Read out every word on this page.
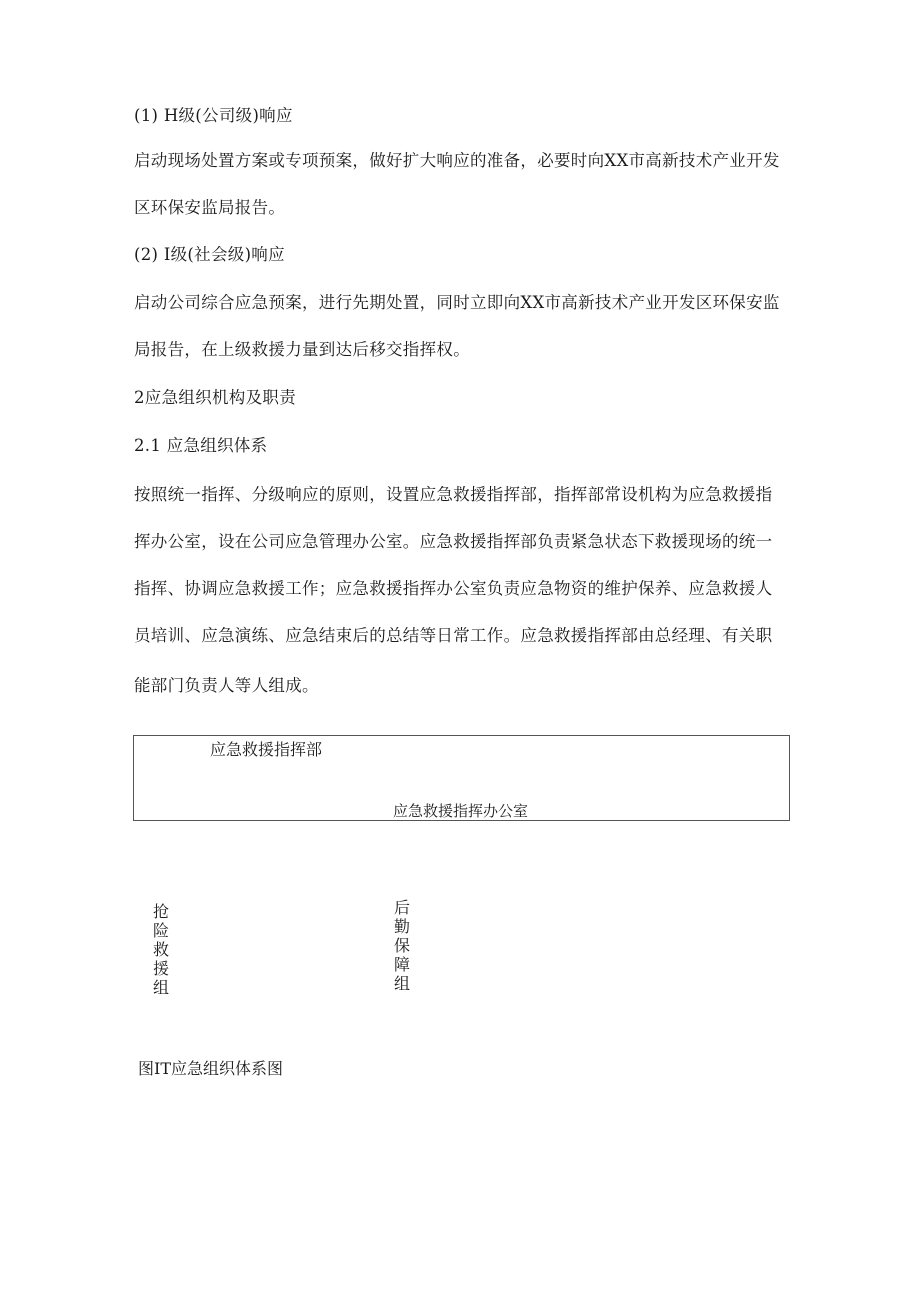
(1) H级(公司级)响应
启动现场处置方案或专项预案，做好扩大响应的准备，必要时向XX市高新技术产业开发
区环保安监局报告。
(2) I级(社会级)响应
启动公司综合应急预案，进行先期处置，同时立即向XX市高新技术产业开发区环保安监
局报告，在上级救援力量到达后移交指挥权。
2应急组织机构及职责
2.1 应急组织体系
按照统一指挥、分级响应的原则，设置应急救援指挥部，指挥部常设机构为应急救援指
挥办公室，设在公司应急管理办公室。应急救援指挥部负责紧急状态下救援现场的统一
指挥、协调应急救援工作；应急救援指挥办公室负责应急物资的维护保养、应急救援人
员培训、应急演练、应急结束后的总结等日常工作。应急救援指挥部由总经理、有关职
能部门负责人等人组成。
应急救援指挥部
应急救援指挥办公室
抢险救援组
后勤保障组
图IT应急组织体系图
